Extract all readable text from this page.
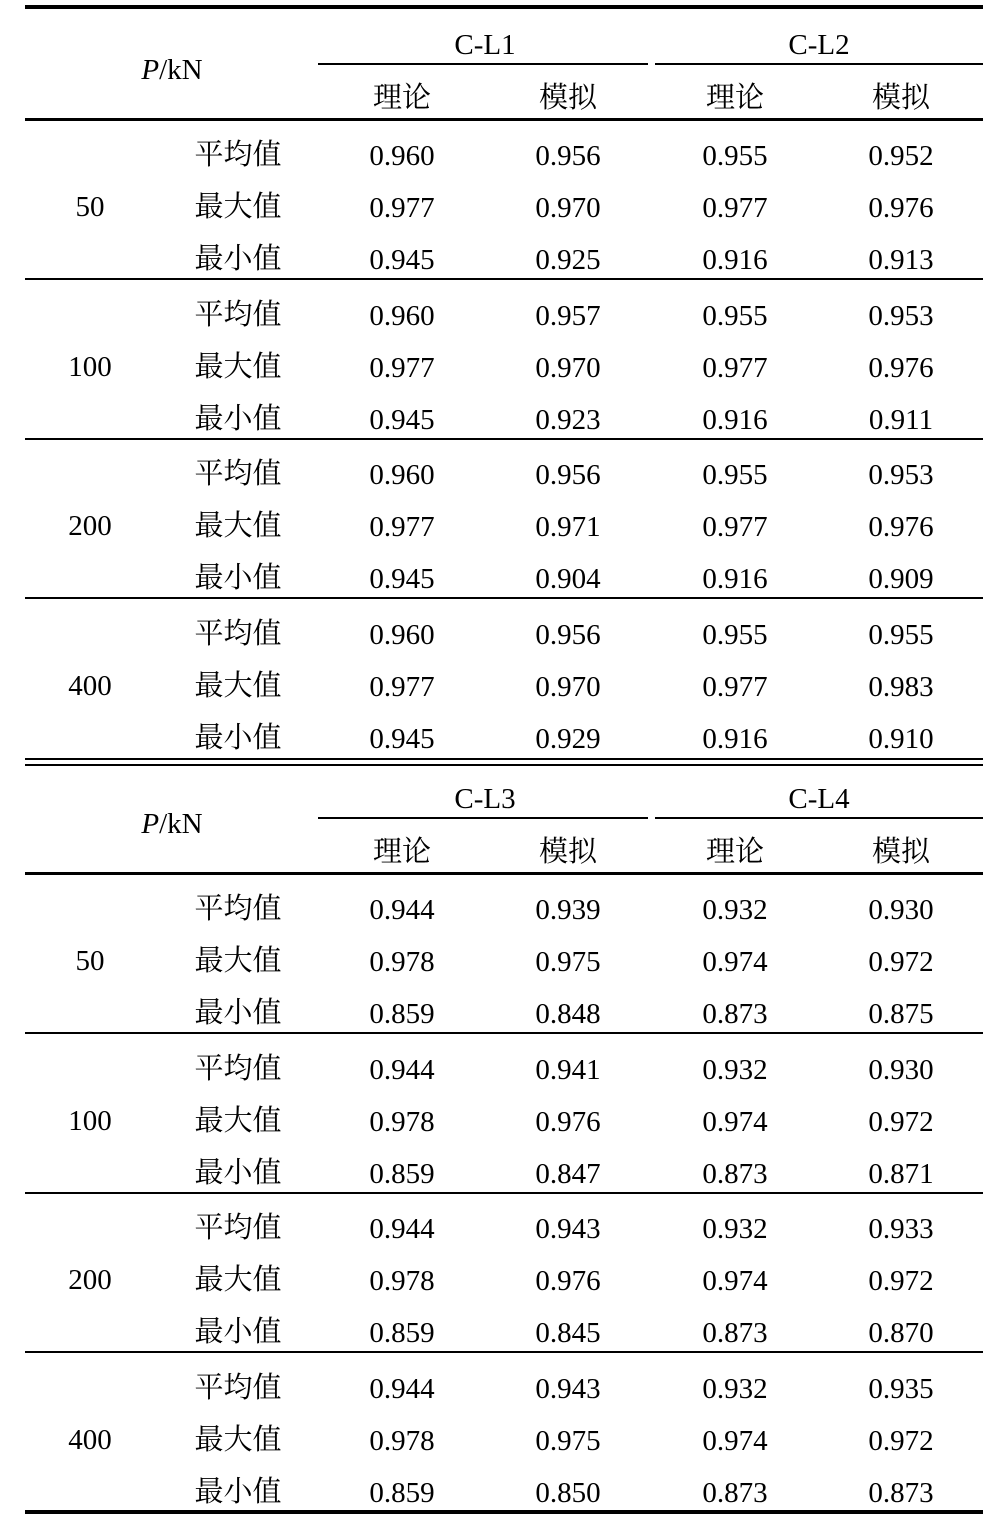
P/kN
C-L1	C-L2
理论	模拟	理论	模拟
50
平均值	0.960	0.956	0.955	0.952
最大值	0.977	0.970	0.977	0.976
最小值	0.945	0.925	0.916	0.913
100
平均值	0.960	0.957	0.955	0.953
最大值	0.977	0.970	0.977	0.976
最小值	0.945	0.923	0.916	0.911
200
平均值	0.960	0.956	0.955	0.953
最大值	0.977	0.971	0.977	0.976
最小值	0.945	0.904	0.916	0.909
400
平均值	0.960	0.956	0.955	0.955
最大值	0.977	0.970	0.977	0.983
最小值	0.945	0.929	0.916	0.910
P/kN
C-L3	C-L4
理论	模拟	理论	模拟
50
平均值	0.944	0.939	0.932	0.930
最大值	0.978	0.975	0.974	0.972
最小值	0.859	0.848	0.873	0.875
100
平均值	0.944	0.941	0.932	0.930
最大值	0.978	0.976	0.974	0.972
最小值	0.859	0.847	0.873	0.871
200
平均值	0.944	0.943	0.932	0.933
最大值	0.978	0.976	0.974	0.972
最小值	0.859	0.845	0.873	0.870
400
平均值	0.944	0.943	0.932	0.935
最大值	0.978	0.975	0.974	0.972
最小值	0.859	0.850	0.873	0.873
